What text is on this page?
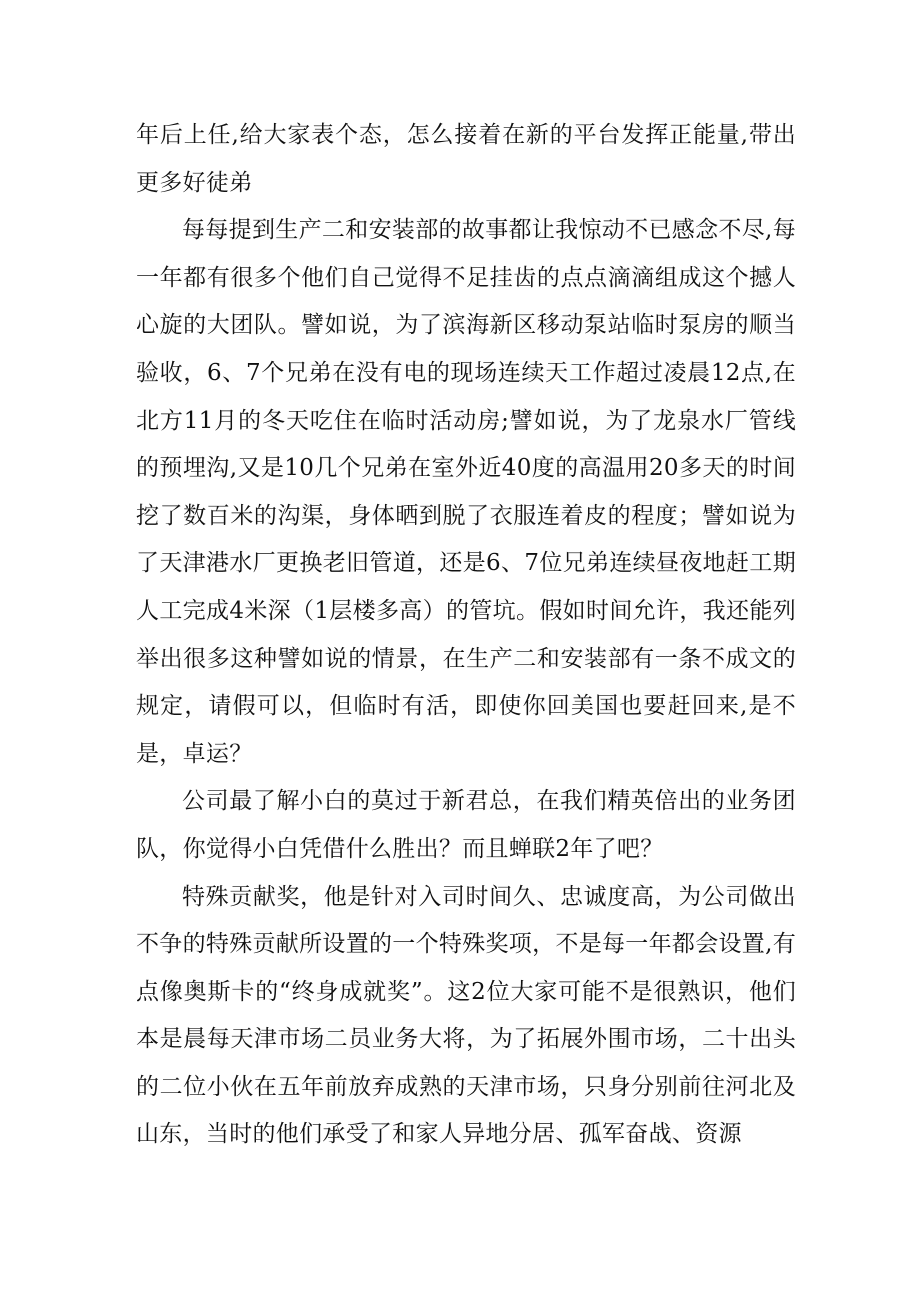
年后上任,给大家表个态，怎么接着在新的平台发挥正能量,带出更多好徒弟

每每提到生产二和安装部的故事都让我惊动不已感念不尽,每一年都有很多个他们自己觉得不足挂齿的点点滴滴组成这个撼人心旋的大团队。譬如说，为了滨海新区移动泵站临时泵房的顺当验收，6、7个兄弟在没有电的现场连续天工作超过凌晨12点,在北方11月的冬天吃住在临时活动房;譬如说，为了龙泉水厂管线的预埋沟,又是10几个兄弟在室外近40度的高温用20多天的时间挖了数百米的沟渠，身体晒到脱了衣服连着皮的程度；譬如说为了天津港水厂更换老旧管道，还是6、7位兄弟连续昼夜地赶工期人工完成4米深（1层楼多高）的管坑。假如时间允许，我还能列举出很多这种譬如说的情景，在生产二和安装部有一条不成文的规定，请假可以，但临时有活，即使你回美国也要赶回来,是不是，卓运？

公司最了解小白的莫过于新君总，在我们精英倍出的业务团队，你觉得小白凭借什么胜出？而且蝉联2年了吧？

特殊贡献奖，他是针对入司时间久、忠诚度高，为公司做出不争的特殊贡献所设置的一个特殊奖项，不是每一年都会设置,有点像奥斯卡的“终身成就奖”。这2位大家可能不是很熟识，他们本是晨每天津市场二员业务大将，为了拓展外围市场，二十出头的二位小伙在五年前放弃成熟的天津市场，只身分别前往河北及山东，当时的他们承受了和家人异地分居、孤军奋战、资源
